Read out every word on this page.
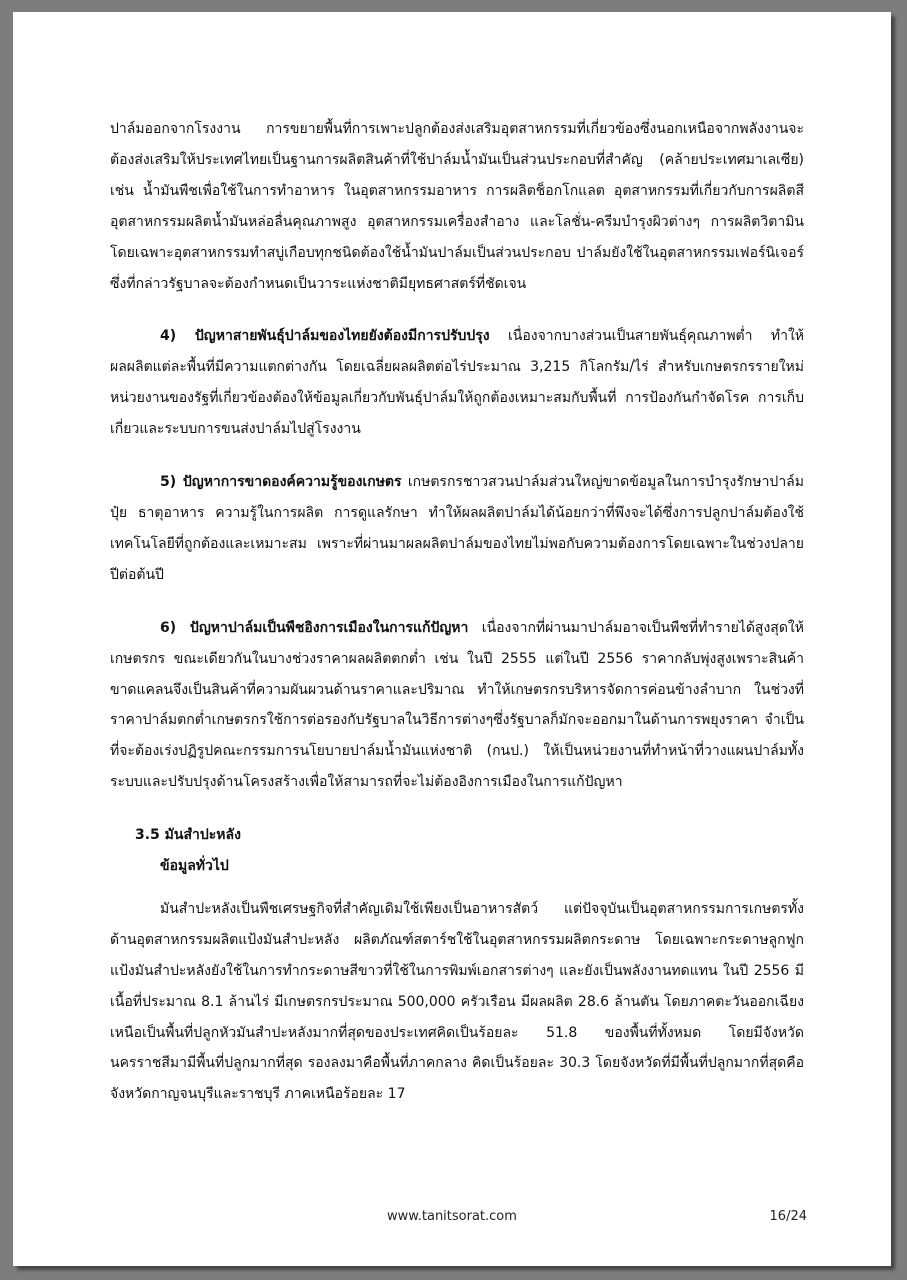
ปาล์มออกจากโรงงาน การขยายพื้นที่การเพาะปลูกต้องส่งเสริมอุตสาหกรรมที่เกี่ยวข้องซึ่งนอกเหนือจากพลังงานจะต้องส่งเสริมให้ประเทศไทยเป็นฐานการผลิตสินค้าที่ใช้ปาล์มน้ำมันเป็นส่วนประกอบที่สำคัญ (คล้ายประเทศมาเลเซีย) เช่น น้ำมันพืชเพื่อใช้ในการทำอาหาร ในอุตสาหกรรมอาหาร การผลิตช็อกโกแลต อุตสาหกรรมที่เกี่ยวกับการผลิตสี อุตสาหกรรมผลิตน้ำมันหล่อลื่นคุณภาพสูง อุตสาหกรรมเครื่องสำอาง และโลชั่น-ครีมบำรุงผิวต่างๆ การผลิตวิตามิน โดยเฉพาะอุตสาหกรรมทำสบู่เกือบทุกชนิดต้องใช้น้ำมันปาล์มเป็นส่วนประกอบ ปาล์มยังใช้ในอุตสาหกรรมเฟอร์นิเจอร์ ซึ่งที่กล่าวรัฐบาลจะต้องกำหนดเป็นวาระแห่งชาติมียุทธศาสตร์ที่ชัดเจน

4) ปัญหาสายพันธุ์ปาล์มของไทยยังต้องมีการปรับปรุง เนื่องจากบางส่วนเป็นสายพันธุ์คุณภาพต่ำ ทำให้ผลผลิตแต่ละพื้นที่มีความแตกต่างกัน โดยเฉลี่ยผลผลิตต่อไร่ประมาณ 3,215 กิโลกรัม/ไร่ สำหรับเกษตรกรรายใหม่หน่วยงานของรัฐที่เกี่ยวข้องต้องให้ข้อมูลเกี่ยวกับพันธุ์ปาล์มให้ถูกต้องเหมาะสมกับพื้นที่ การป้องกันกำจัดโรค การเก็บเกี่ยวและระบบการขนส่งปาล์มไปสู่โรงงาน

5) ปัญหาการขาดองค์ความรู้ของเกษตร เกษตรกรชาวสวนปาล์มส่วนใหญ่ขาดข้อมูลในการบำรุงรักษาปาล์ม ปุ๋ย ธาตุอาหาร ความรู้ในการผลิต การดูแลรักษา ทำให้ผลผลิตปาล์มได้น้อยกว่าที่พึงจะได้ซึ่งการปลูกปาล์มต้องใช้เทคโนโลยีที่ถูกต้องและเหมาะสม เพราะที่ผ่านมาผลผลิตปาล์มของไทยไม่พอกับความต้องการโดยเฉพาะในช่วงปลายปีต่อต้นปี

6) ปัญหาปาล์มเป็นพืชอิงการเมืองในการแก้ปัญหา เนื่องจากที่ผ่านมาปาล์มอาจเป็นพืชที่ทำรายได้สูงสุดให้เกษตรกร ขณะเดียวกันในบางช่วงราคาผลผลิตตกต่ำ เช่น ในปี 2555 แต่ในปี 2556 ราคากลับพุ่งสูงเพราะสินค้าขาดแคลนจึงเป็นสินค้าที่ความผันผวนด้านราคาและปริมาณ ทำให้เกษตรกรบริหารจัดการค่อนข้างลำบาก ในช่วงที่ราคาปาล์มตกต่ำเกษตรกรใช้การต่อรองกับรัฐบาลในวิธีการต่างๆซึ่งรัฐบาลก็มักจะออกมาในด้านการพยุงราคา จำเป็นที่จะต้องเร่งปฏิรูปคณะกรรมการนโยบายปาล์มน้ำมันแห่งชาติ (กนป.) ให้เป็นหน่วยงานที่ทำหน้าที่วางแผนปาล์มทั้งระบบและปรับปรุงด้านโครงสร้างเพื่อให้สามารถที่จะไม่ต้องอิงการเมืองในการแก้ปัญหา

3.5 มันสำปะหลัง

ข้อมูลทั่วไป

มันสำปะหลังเป็นพืชเศรษฐกิจที่สำคัญเดิมใช้เพียงเป็นอาหารสัตว์ แต่ปัจจุบันเป็นอุตสาหกรรมการเกษตรทั้งด้านอุตสาหกรรมผลิตแป้งมันสำปะหลัง ผลิตภัณฑ์สตาร์ชใช้ในอุตสาหกรรมผลิตกระดาษ โดยเฉพาะกระดาษลูกฟูก แป้งมันสำปะหลังยังใช้ในการทำกระดาษสีขาวที่ใช้ในการพิมพ์เอกสารต่างๆ และยังเป็นพลังงานทดแทน ในปี 2556 มีเนื้อที่ประมาณ 8.1 ล้านไร่ มีเกษตรกรประมาณ 500,000 ครัวเรือน มีผลผลิต 28.6 ล้านตัน โดยภาคตะวันออกเฉียงเหนือเป็นพื้นที่ปลูกหัวมันสำปะหลังมากที่สุดของประเทศคิดเป็นร้อยละ 51.8 ของพื้นที่ทั้งหมด โดยมีจังหวัดนครราชสีมามีพื้นที่ปลูกมากที่สุด รองลงมาคือพื้นที่ภาคกลาง คิดเป็นร้อยละ 30.3 โดยจังหวัดที่มีพื้นที่ปลูกมากที่สุดคือจังหวัดกาญจนบุรีและราชบุรี ภาคเหนือร้อยละ 17

www.tanitsorat.com	16/24
